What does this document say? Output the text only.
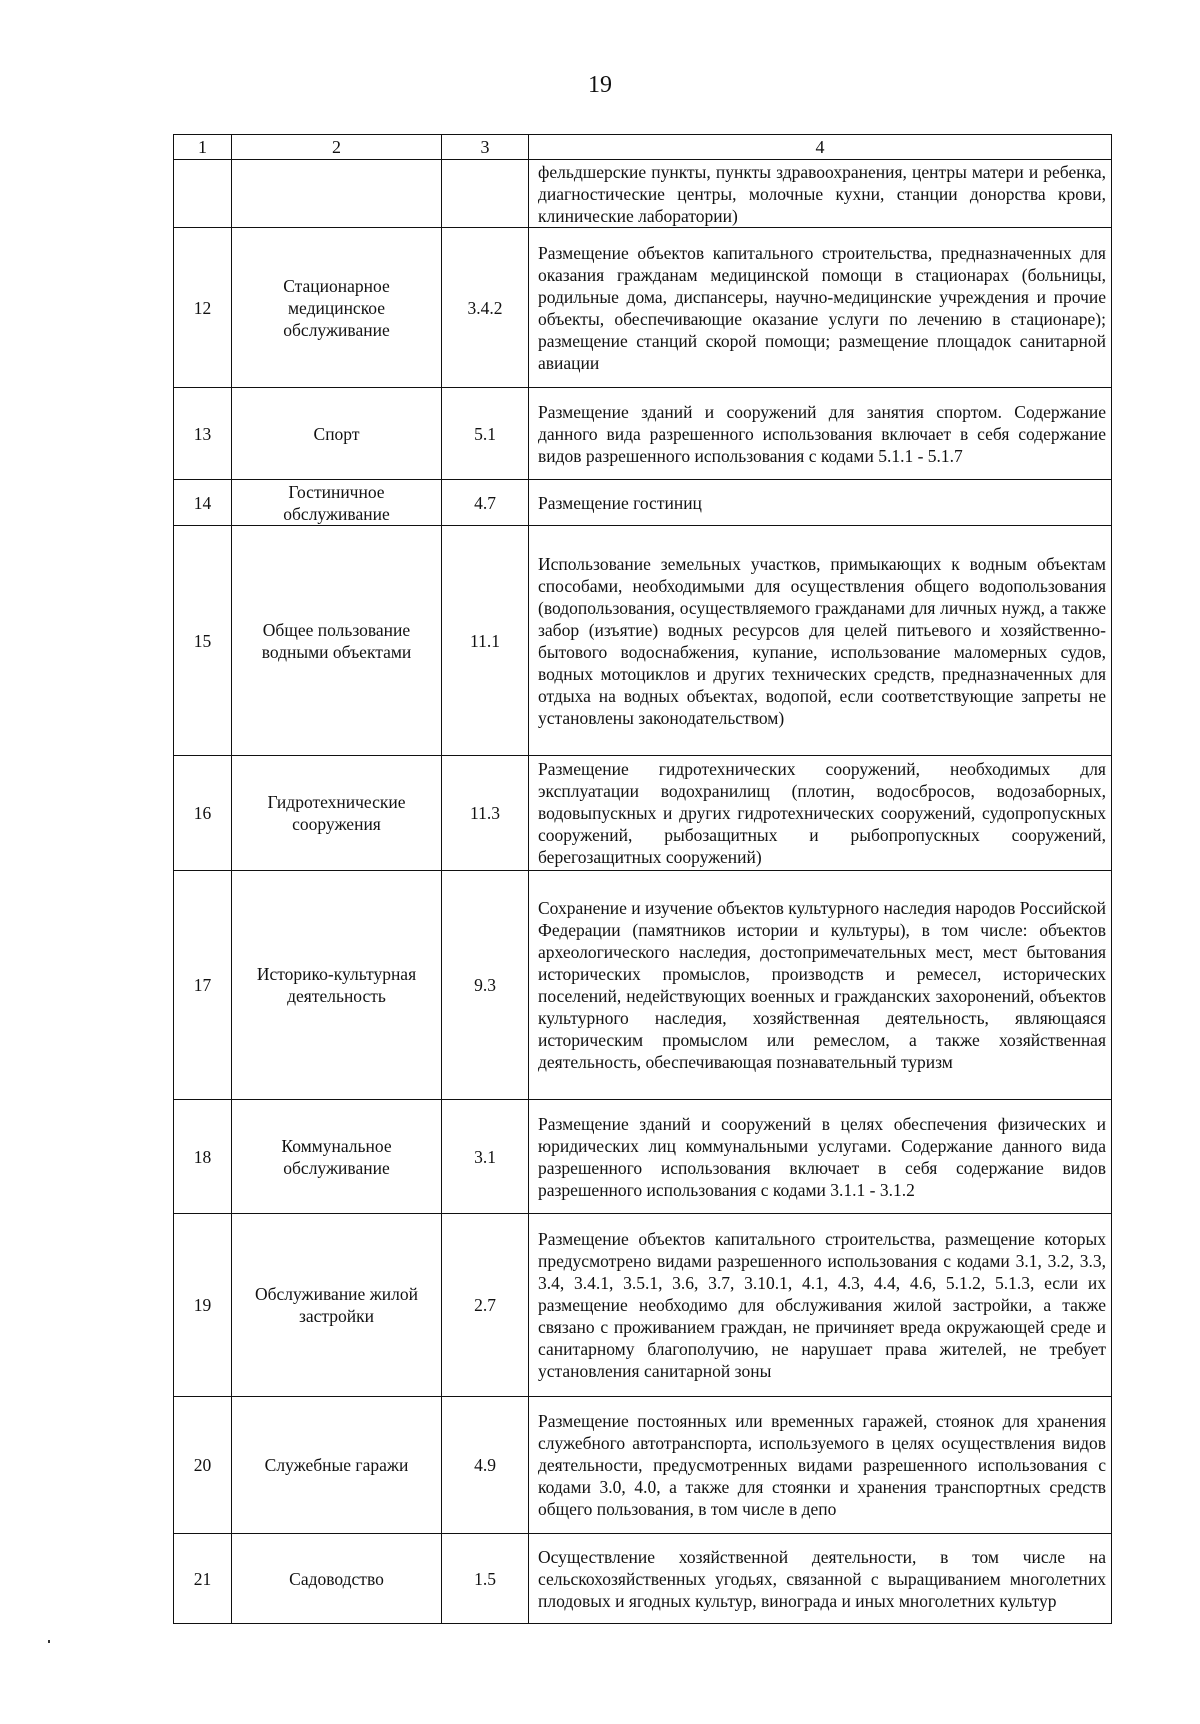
19
1	2	3	4
			фельдшерские пункты, пункты здравоохранения, центры матери и ребенка, диагностические центры, молочные кухни, станции донорства крови, клинические лаборатории)
12	Стационарное медицинское обслуживание	3.4.2	Размещение объектов капитального строительства, предназначенных для оказания гражданам медицинской помощи в стационарах (больницы, родильные дома, диспансеры, научно-медицинские учреждения и прочие объекты, обеспечивающие оказание услуги по лечению в стационаре); размещение станций скорой помощи; размещение площадок санитарной авиации
13	Спорт	5.1	Размещение зданий и сооружений для занятия спортом. Содержание данного вида разрешенного использования включает в себя содержание видов разрешенного использования с кодами 5.1.1 - 5.1.7
14	Гостиничное обслуживание	4.7	Размещение гостиниц
15	Общее пользование водными объектами	11.1	Использование земельных участков, примыкающих к водным объектам способами, необходимыми для осуществления общего водопользования (водопользования, осуществляемого гражданами для личных нужд, а также забор (изъятие) водных ресурсов для целей питьевого и хозяйственно-бытового водоснабжения, купание, использование маломерных судов, водных мотоциклов и других технических средств, предназначенных для отдыха на водных объектах, водопой, если соответствующие запреты не установлены законодательством)
16	Гидротехнические сооружения	11.3	Размещение гидротехнических сооружений, необходимых для эксплуатации водохранилищ (плотин, водосбросов, водозаборных, водовыпускных и других гидротехнических сооружений, судопропускных сооружений, рыбозащитных и рыбопропускных сооружений, берегозащитных сооружений)
17	Историко-культурная деятельность	9.3	Сохранение и изучение объектов культурного наследия народов Российской Федерации (памятников истории и культуры), в том числе: объектов археологического наследия, достопримечательных мест, мест бытования исторических промыслов, производств и ремесел, исторических поселений, недействующих военных и гражданских захоронений, объектов культурного наследия, хозяйственная деятельность, являющаяся историческим промыслом или ремеслом, а также хозяйственная деятельность, обеспечивающая познавательный туризм
18	Коммунальное обслуживание	3.1	Размещение зданий и сооружений в целях обеспечения физических и юридических лиц коммунальными услугами. Содержание данного вида разрешенного использования включает в себя содержание видов разрешенного использования с кодами 3.1.1 - 3.1.2
19	Обслуживание жилой застройки	2.7	Размещение объектов капитального строительства, размещение которых предусмотрено видами разрешенного использования с кодами 3.1, 3.2, 3.3, 3.4, 3.4.1, 3.5.1, 3.6, 3.7, 3.10.1, 4.1, 4.3, 4.4, 4.6, 5.1.2, 5.1.3, если их размещение необходимо для обслуживания жилой застройки, а также связано с проживанием граждан, не причиняет вреда окружающей среде и санитарному благополучию, не нарушает права жителей, не требует установления санитарной зоны
20	Служебные гаражи	4.9	Размещение постоянных или временных гаражей, стоянок для хранения служебного автотранспорта, используемого в целях осуществления видов деятельности, предусмотренных видами разрешенного использования с кодами 3.0, 4.0, а также для стоянки и хранения транспортных средств общего пользования, в том числе в депо
21	Садоводство	1.5	Осуществление хозяйственной деятельности, в том числе на сельскохозяйственных угодьях, связанной с выращиванием многолетних плодовых и ягодных культур, винограда и иных многолетних культур
